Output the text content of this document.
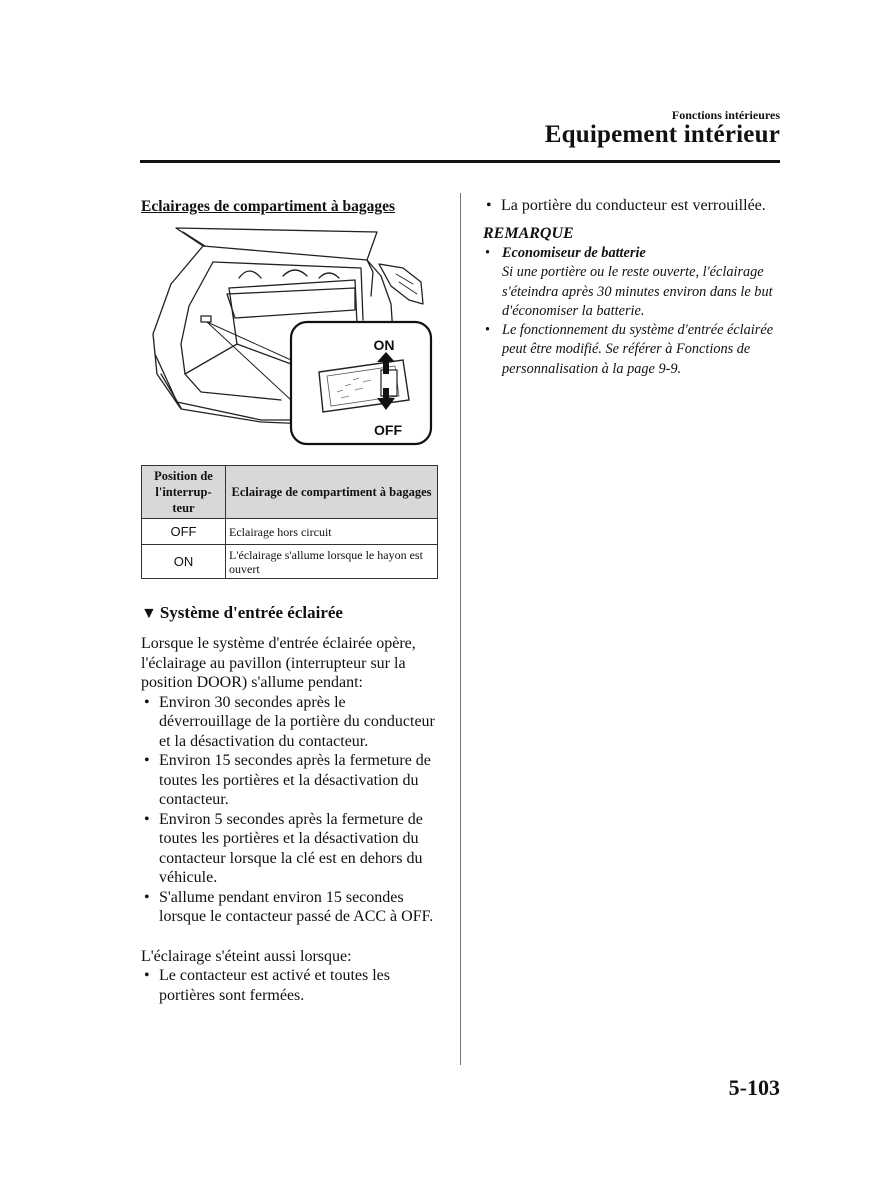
Fonctions intérieures
Equipement intérieur
Eclairages de compartiment à bagages
ON
OFF
Position de l'interrup-teur	Eclairage de compartiment à bagages
OFF	Eclairage hors circuit
ON	L'éclairage s'allume lorsque le hayon est ouvert
▼ Système d'entrée éclairée

Lorsque le système d'entrée éclairée opère, l'éclairage au pavillon (interrupteur sur la position DOOR) s'allume pendant:

• Environ 30 secondes après le déverrouillage de la portière du conducteur et la désactivation du contacteur.
• Environ 15 secondes après la fermeture de toutes les portières et la désactivation du contacteur.
• Environ 5 secondes après la fermeture de toutes les portières et la désactivation du contacteur lorsque la clé est en dehors du véhicule.
• S'allume pendant environ 15 secondes lorsque le contacteur passé de ACC à OFF.

L'éclairage s'éteint aussi lorsque:

• Le contacteur est activé et toutes les portières sont fermées.
• La portière du conducteur est verrouillée.
REMARQUE
• Economiseur de batterie
Si une portière ou le reste ouverte, l'éclairage s'éteindra après 30 minutes environ dans le but d'économiser la batterie.
• Le fonctionnement du système d'entrée éclairée peut être modifié. Se référer à Fonctions de personnalisation à la page 9-9.
5-103
